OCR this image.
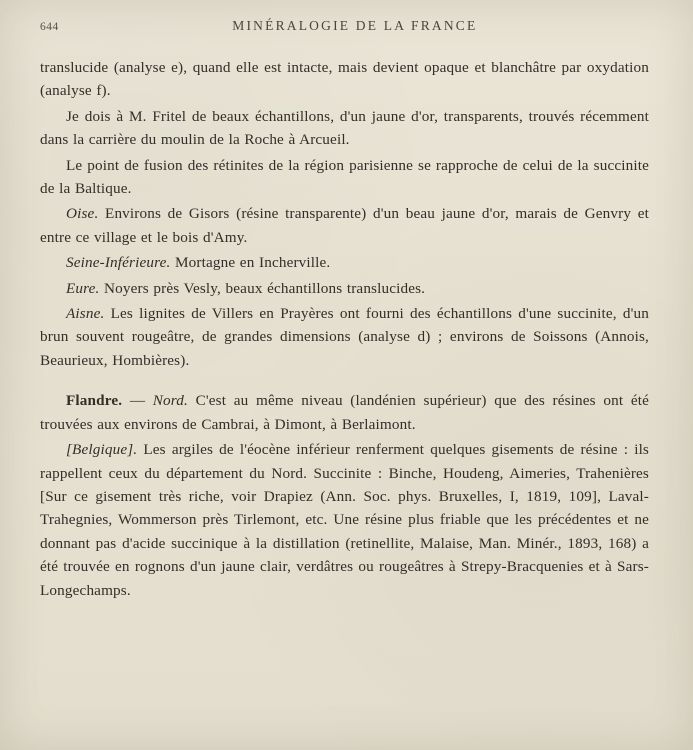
644	MINÉRALOGIE DE LA FRANCE

translucide (analyse e), quand elle est intacte, mais devient opaque et blanchâtre par oxydation (analyse f).

Je dois à M. Fritel de beaux échantillons, d'un jaune d'or, transparents, trouvés récemment dans la carrière du moulin de la Roche à Arcueil.

Le point de fusion des rétinites de la région parisienne se rapproche de celui de la succinite de la Baltique.

Oise. Environs de Gisors (résine transparente) d'un beau jaune d'or, marais de Genvry et entre ce village et le bois d'Amy.

Seine-Inférieure. Mortagne en Incherville.

Eure. Noyers près Vesly, beaux échantillons translucides.

Aisne. Les lignites de Villers en Prayères ont fourni des échantillons d'une succinite, d'un brun souvent rougeâtre, de grandes dimensions (analyse d) ; environs de Soissons (Annois, Beaurieux, Hombières).

Flandre. — Nord. C'est au même niveau (landénien supérieur) que des résines ont été trouvées aux environs de Cambrai, à Dimont, à Berlaimont.

[Belgique]. Les argiles de l'éocène inférieur renferment quelques gisements de résine : ils rappellent ceux du département du Nord. Succinite : Binche, Houdeng, Aimeries, Trahenières [Sur ce gisement très riche, voir Drapiez (Ann. Soc. phys. Bruxelles, I, 1819, 109], Laval-Trahegnies, Wommerson près Tirlemont, etc. Une résine plus friable que les précédentes et ne donnant pas d'acide succinique à la distillation (retinellite, Malaise, Man. Minér., 1893, 168) a été trouvée en rognons d'un jaune clair, verdâtres ou rougeâtres à Strepy-Bracquenies et à Sars-Longechamps.
